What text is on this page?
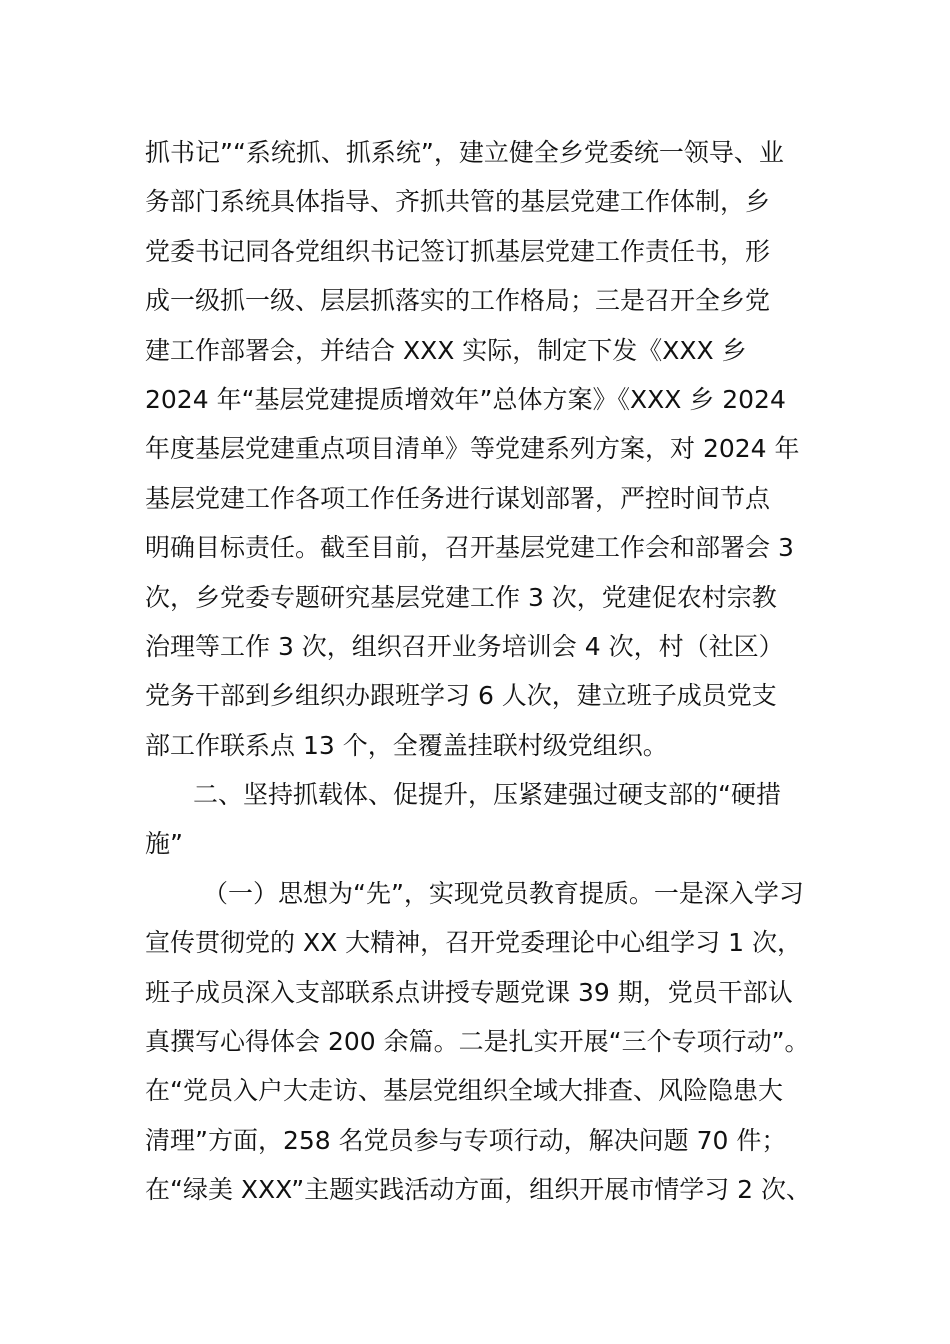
抓书记”“系统抓、抓系统”，建立健全乡党委统一领导、业
务部门系统具体指导、齐抓共管的基层党建工作体制，乡
党委书记同各党组织书记签订抓基层党建工作责任书，形
成一级抓一级、层层抓落实的工作格局；三是召开全乡党
建工作部署会，并结合 XXX 实际，制定下发《XXX 乡
2024 年“基层党建提质增效年”总体方案》《XXX 乡 2024
年度基层党建重点项目清单》等党建系列方案，对 2024 年
基层党建工作各项工作任务进行谋划部署，严控时间节点
明确目标责任。截至目前，召开基层党建工作会和部署会 3
次，乡党委专题研究基层党建工作 3 次，党建促农村宗教
治理等工作 3 次，组织召开业务培训会 4 次，村（社区）
党务干部到乡组织办跟班学习 6 人次，建立班子成员党支
部工作联系点 13 个，全覆盖挂联村级党组织。
二、坚持抓载体、促提升，压紧建强过硬支部的“硬措
施”
（一）思想为“先”，实现党员教育提质。一是深入学习
宣传贯彻党的 XX 大精神，召开党委理论中心组学习 1 次，
班子成员深入支部联系点讲授专题党课 39 期，党员干部认
真撰写心得体会 200 余篇。二是扎实开展“三个专项行动”。
在“党员入户大走访、基层党组织全域大排查、风险隐患大
清理”方面，258 名党员参与专项行动，解决问题 70 件；
在“绿美 XXX”主题实践活动方面，组织开展市情学习 2 次、
